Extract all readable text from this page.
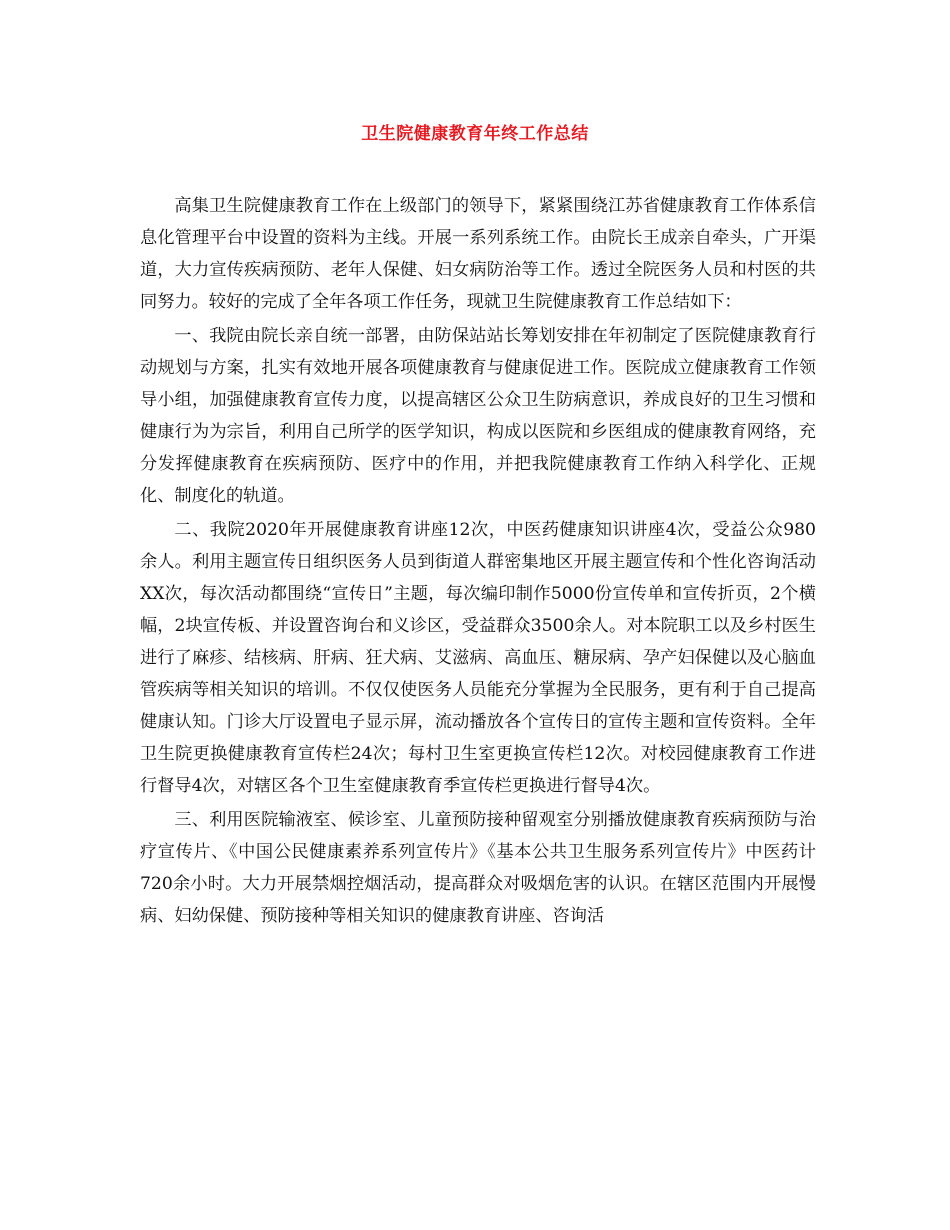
卫生院健康教育年终工作总结

高集卫生院健康教育工作在上级部门的领导下，紧紧围绕江苏省健康教育工作体系信息化管理平台中设置的资料为主线。开展一系列系统工作。由院长王成亲自牵头，广开渠道，大力宣传疾病预防、老年人保健、妇女病防治等工作。透过全院医务人员和村医的共同努力。较好的完成了全年各项工作任务，现就卫生院健康教育工作总结如下：

一、我院由院长亲自统一部署，由防保站站长筹划安排在年初制定了医院健康教育行动规划与方案，扎实有效地开展各项健康教育与健康促进工作。医院成立健康教育工作领导小组，加强健康教育宣传力度，以提高辖区公众卫生防病意识，养成良好的卫生习惯和健康行为为宗旨，利用自己所学的医学知识，构成以医院和乡医组成的健康教育网络，充分发挥健康教育在疾病预防、医疗中的作用，并把我院健康教育工作纳入科学化、正规化、制度化的轨道。

二、我院2020年开展健康教育讲座12次，中医药健康知识讲座4次，受益公众980余人。利用主题宣传日组织医务人员到街道人群密集地区开展主题宣传和个性化咨询活动XX次，每次活动都围绕“宣传日”主题，每次编印制作5000份宣传单和宣传折页，2个横幅，2块宣传板、并设置咨询台和义诊区，受益群众3500余人。对本院职工以及乡村医生进行了麻疹、结核病、肝病、狂犬病、艾滋病、高血压、糖尿病、孕产妇保健以及心脑血管疾病等相关知识的培训。不仅仅使医务人员能充分掌握为全民服务，更有利于自己提高健康认知。门诊大厅设置电子显示屏，流动播放各个宣传日的宣传主题和宣传资料。全年卫生院更换健康教育宣传栏24次；每村卫生室更换宣传栏12次。对校园健康教育工作进行督导4次，对辖区各个卫生室健康教育季宣传栏更换进行督导4次。

三、利用医院输液室、候诊室、儿童预防接种留观室分别播放健康教育疾病预防与治疗宣传片、《中国公民健康素养系列宣传片》《基本公共卫生服务系列宣传片》中医药计720余小时。大力开展禁烟控烟活动，提高群众对吸烟危害的认识。在辖区范围内开展慢病、妇幼保健、预防接种等相关知识的健康教育讲座、咨询活
